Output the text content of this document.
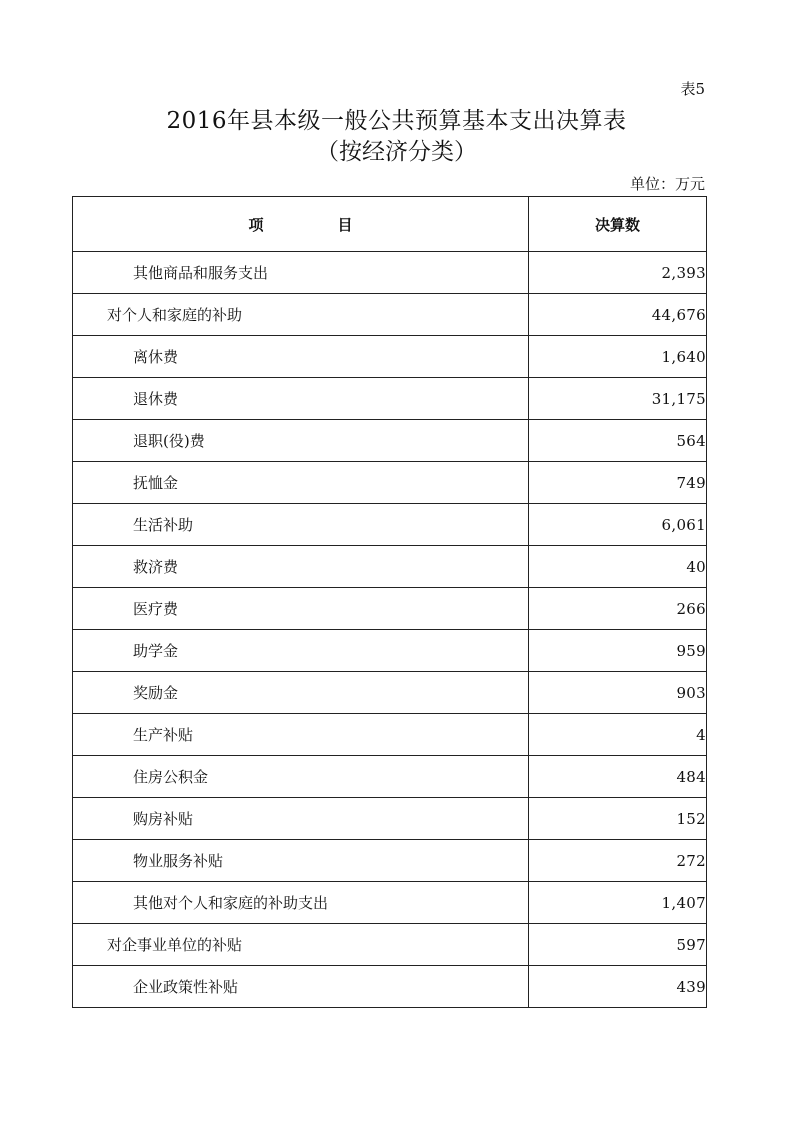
表5
2016年县本级一般公共预算基本支出决算表
（按经济分类）
单位：万元
项 目	决算数
其他商品和服务支出	2,393
对个人和家庭的补助	44,676
离休费	1,640
退休费	31,175
退职(役)费	564
抚恤金	749
生活补助	6,061
救济费	40
医疗费	266
助学金	959
奖励金	903
生产补贴	4
住房公积金	484
购房补贴	152
物业服务补贴	272
其他对个人和家庭的补助支出	1,407
对企事业单位的补贴	597
企业政策性补贴	439
